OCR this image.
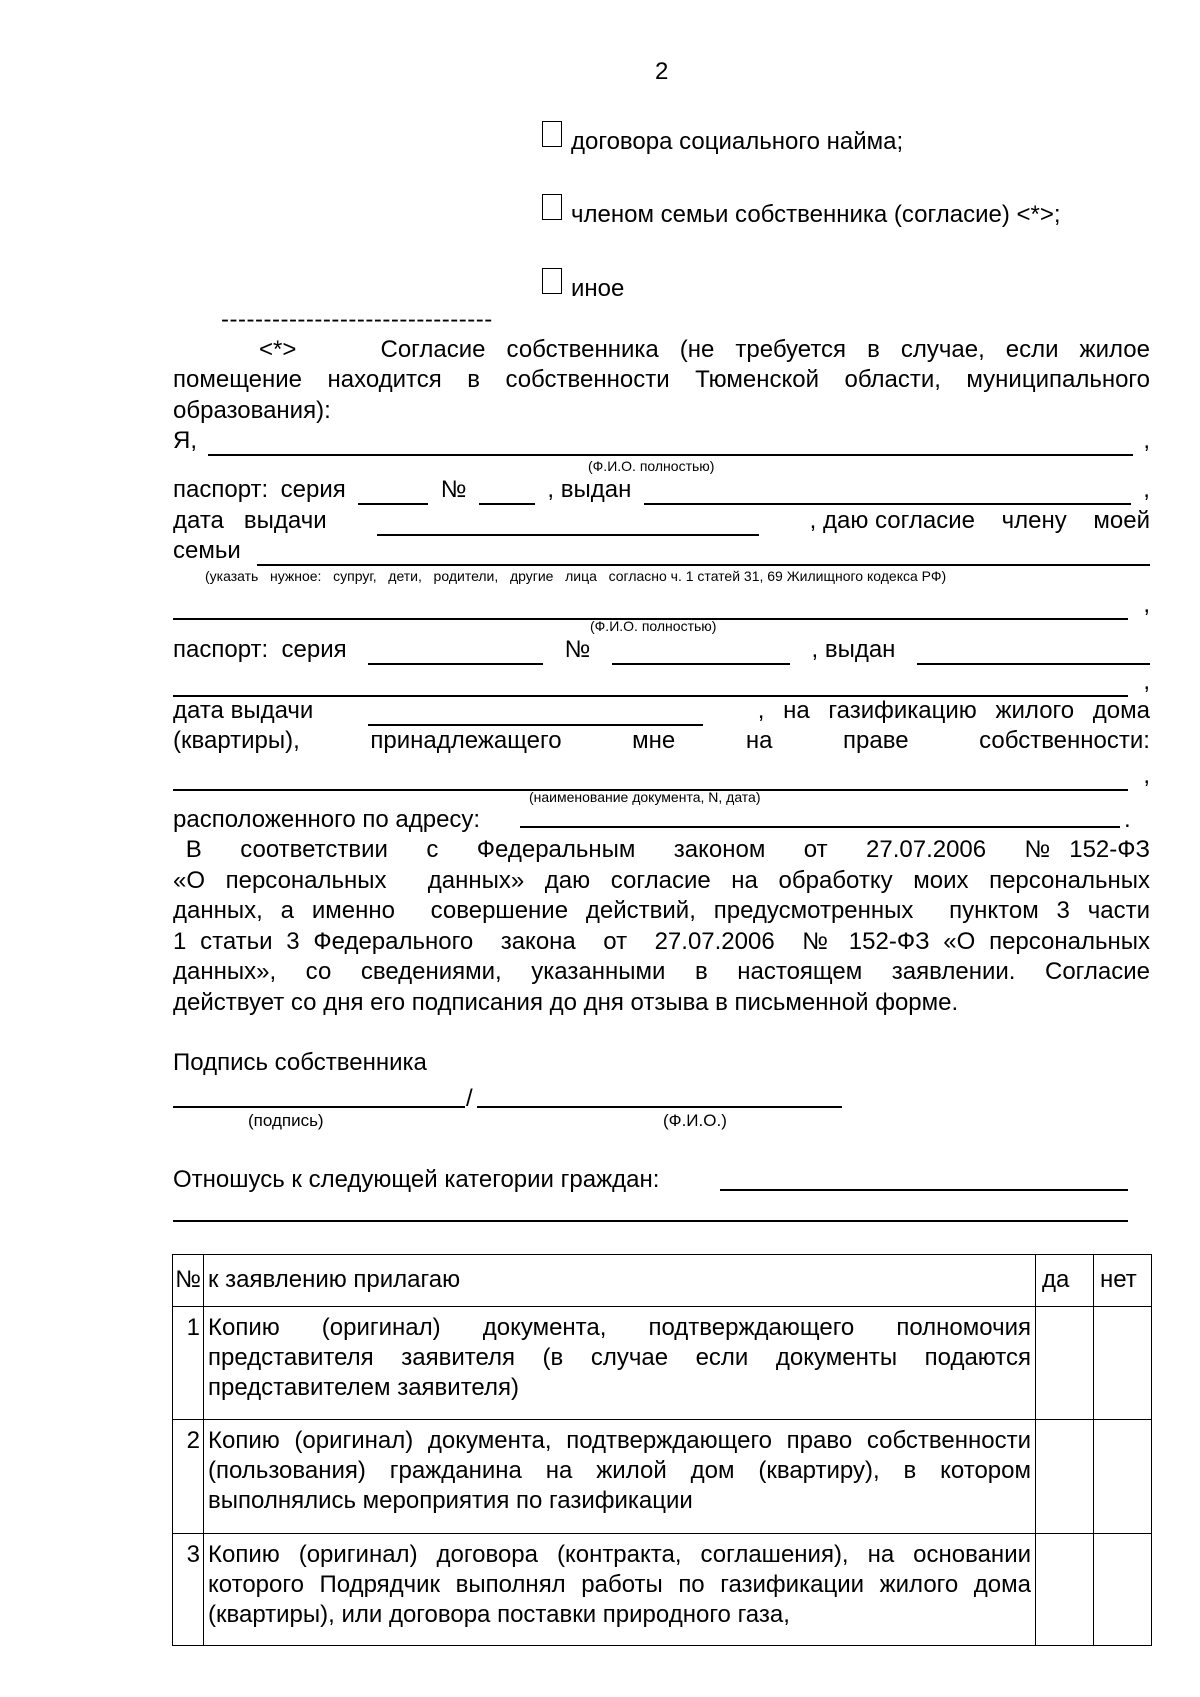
2
договора социального найма;
членом семьи собственника (согласие) <*>;
иное
--------------------------------
<*>    Согласие собственника (не требуется в случае, если жилое
помещение находится в собственности Тюменской области, муниципального
образования):
Я,	,
(Ф.И.О. полностью)
паспорт: серия	№	, выдан	,
дата   выдачи	, даю согласие    члену    моей
семьи
(указать   нужное:   супруг,   дети,   родители,   другие   лица   согласно ч. 1 статей 31, 69 Жилищного кодекса РФ)
,
(Ф.И.О. полностью)
паспорт:  серия	№	, выдан
,
дата выдачи	, на газификацию жилого дома
(квартиры),	принадлежащего	мне	на	праве	собственности:
,
(наименование документа, N, дата)
расположенного по адресу:	.
В   соответствии   с   Федеральным   законом   от   27.07.2006   № 152-ФЗ
«О персональных  данных» даю согласие на обработку моих персональных
данных, а именно  совершение действий, предусмотренных  пунктом 3 части
1 статьи 3 Федерального  закона  от  27.07.2006  № 152-ФЗ «О персональных
данных», со сведениями, указанными в настоящем заявлении. Согласие
действует со дня его подписания до дня отзыва в письменной форме.
Подпись собственника
/
(подпись)	(Ф.И.О.)
Отношусь к следующей категории граждан:
№	к заявлению прилагаю	да	нет
1	Копию (оригинал) документа, подтверждающего полномочия представителя заявителя (в случае если документы подаются представителем заявителя)		
2	Копию (оригинал) документа, подтверждающего право собственности (пользования) гражданина на жилой дом (квартиру), в котором выполнялись мероприятия по газификации		
3	Копию (оригинал) договора (контракта, соглашения), на основании которого Подрядчик выполнял работы по газификации жилого дома (квартиры), или договора поставки природного газа,		
